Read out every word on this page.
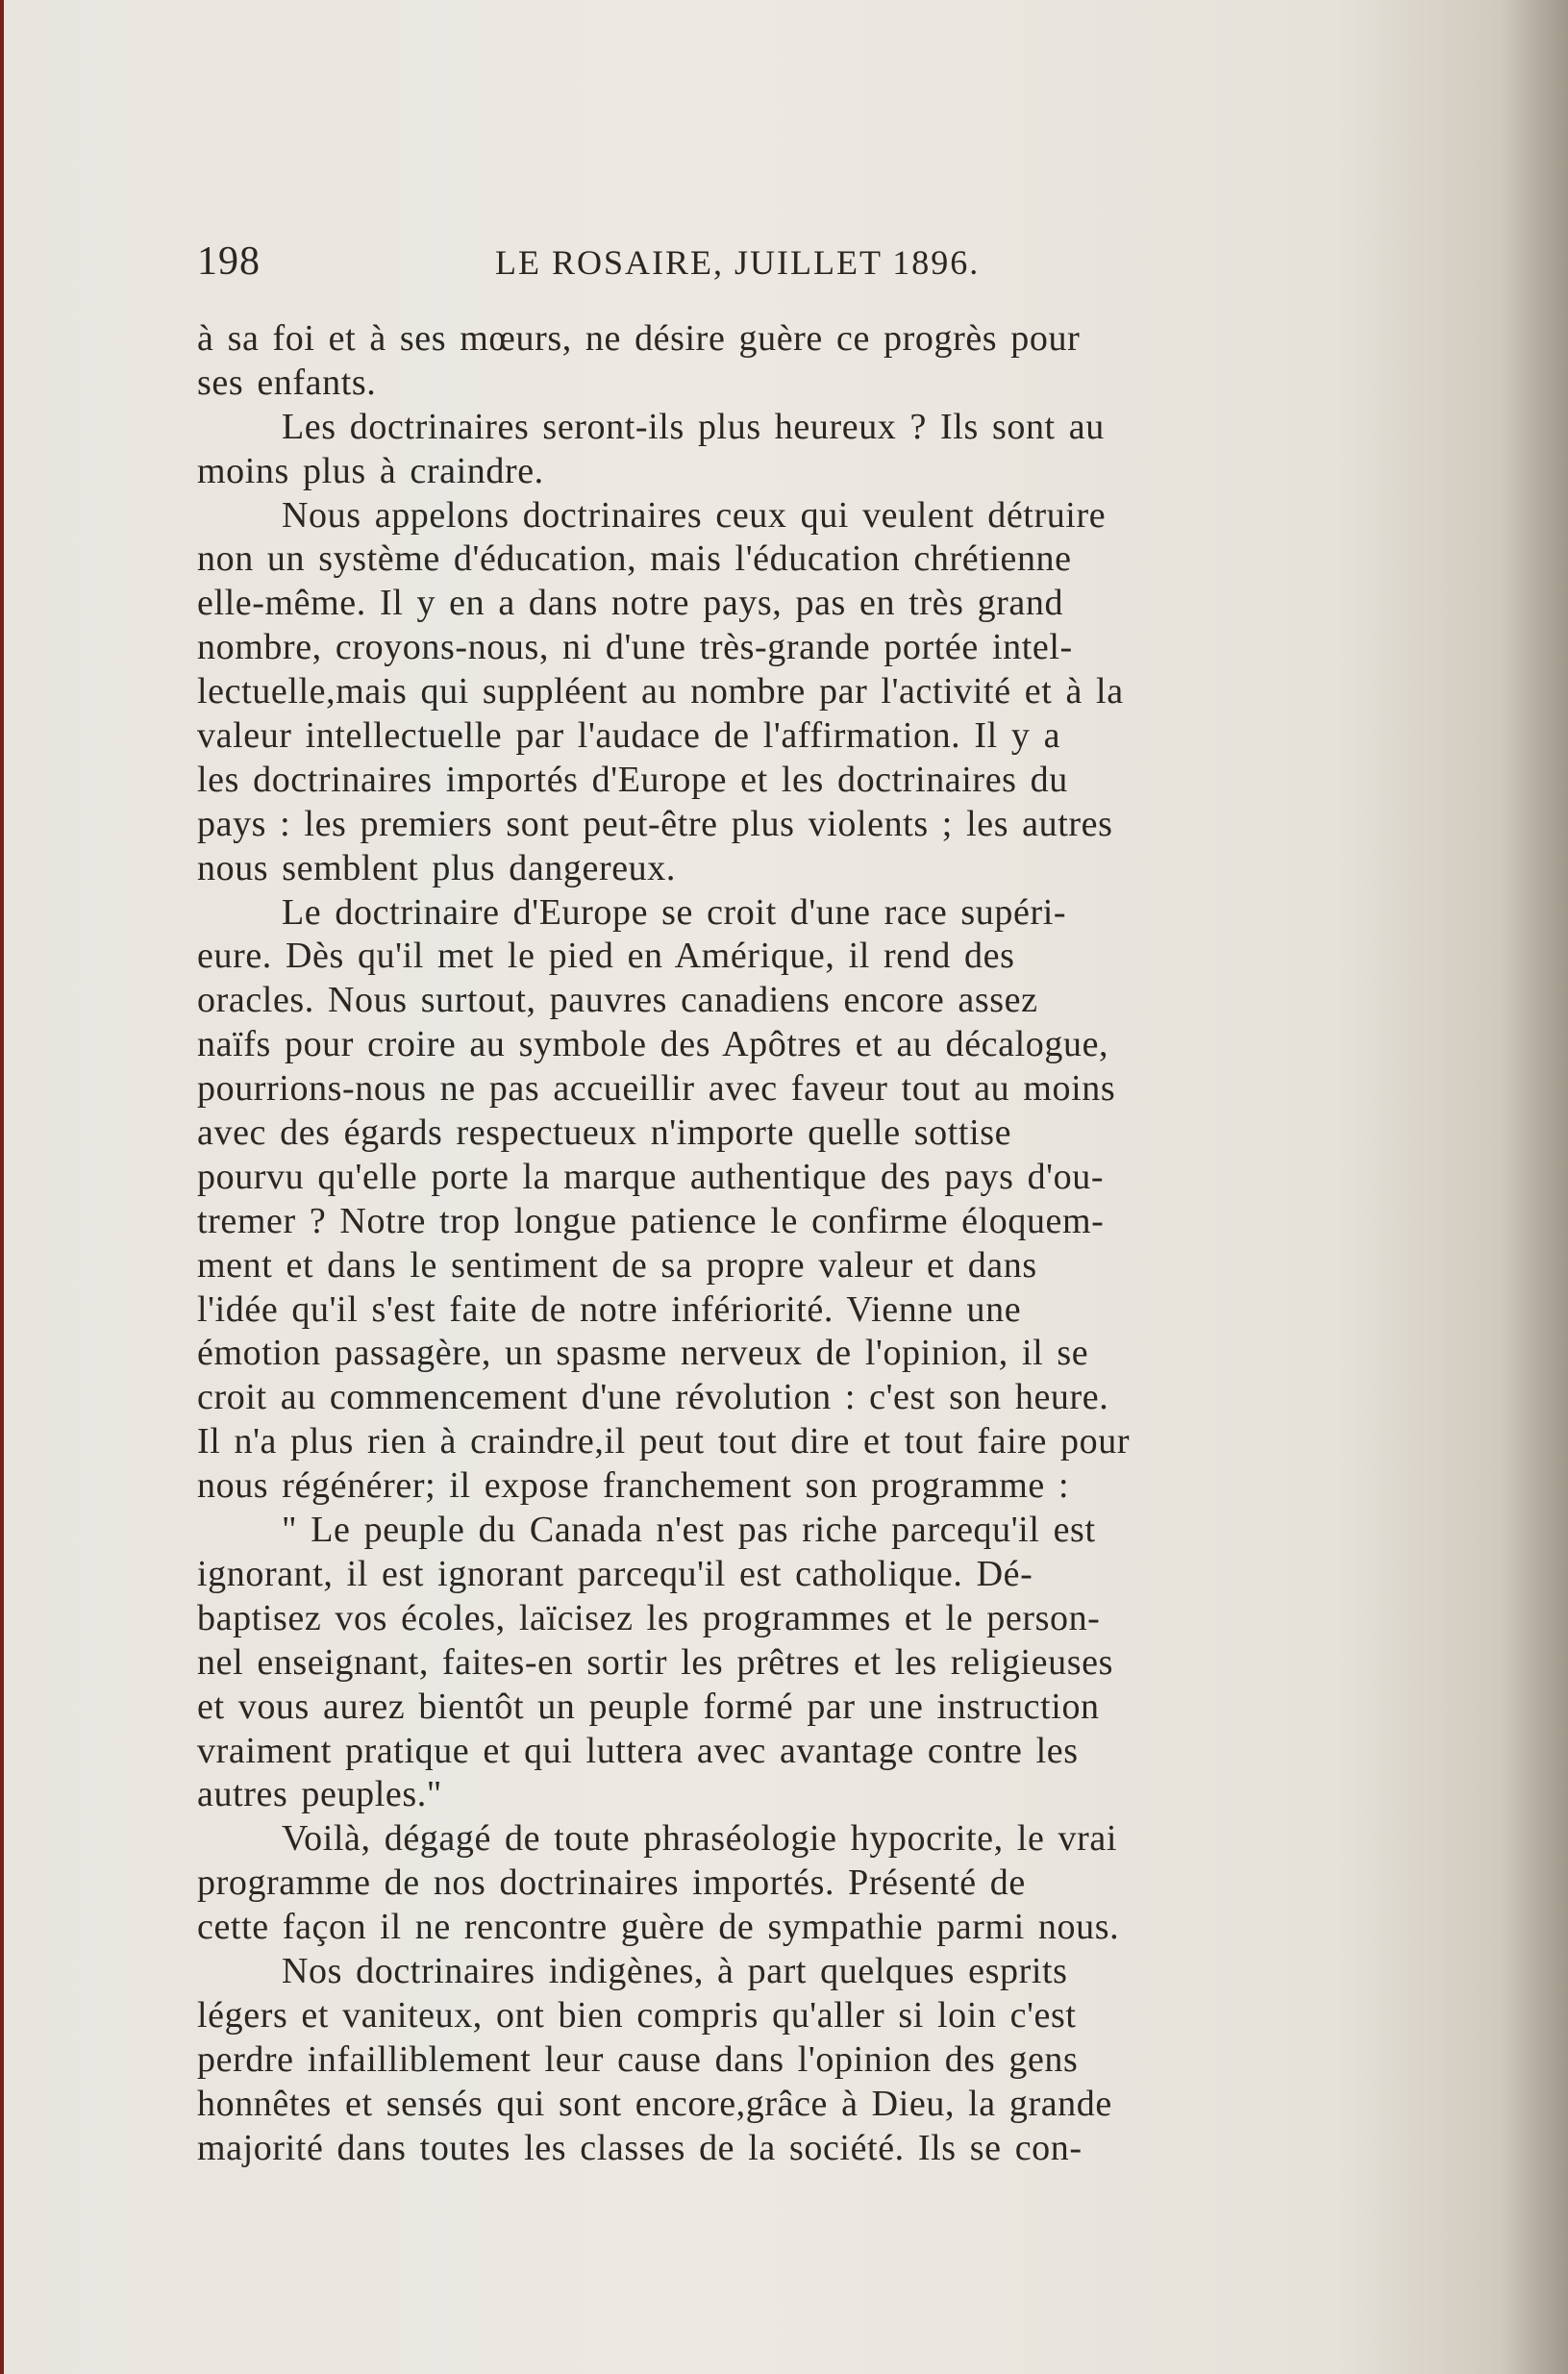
198	LE ROSAIRE, JUILLET 1896.
à sa foi et à ses mœurs, ne désire guère ce progrès pour
ses enfants.
Les doctrinaires seront-ils plus heureux ? Ils sont au
moins plus à craindre.
Nous appelons doctrinaires ceux qui veulent détruire
non un système d'éducation, mais l'éducation chrétienne
elle-même. Il y en a dans notre pays, pas en très grand
nombre, croyons-nous, ni d'une très-grande portée intel-
lectuelle,mais qui suppléent au nombre par l'activité et à la
valeur intellectuelle par l'audace de l'affirmation. Il y a
les doctrinaires importés d'Europe et les doctrinaires du
pays : les premiers sont peut-être plus violents ; les autres
nous semblent plus dangereux.
Le doctrinaire d'Europe se croit d'une race supéri-
eure. Dès qu'il met le pied en Amérique, il rend des
oracles. Nous surtout, pauvres canadiens encore assez
naïfs pour croire au symbole des Apôtres et au décalogue,
pourrions-nous ne pas accueillir avec faveur tout au moins
avec des égards respectueux n'importe quelle sottise
pourvu qu'elle porte la marque authentique des pays d'ou-
tremer ? Notre trop longue patience le confirme éloquem-
ment et dans le sentiment de sa propre valeur et dans
l'idée qu'il s'est faite de notre infériorité. Vienne une
émotion passagère, un spasme nerveux de l'opinion, il se
croit au commencement d'une révolution : c'est son heure.
Il n'a plus rien à craindre,il peut tout dire et tout faire pour
nous régénérer; il expose franchement son programme :
" Le peuple du Canada n'est pas riche parcequ'il est
ignorant, il est ignorant parcequ'il est catholique. Dé-
baptisez vos écoles, laïcisez les programmes et le person-
nel enseignant, faites-en sortir les prêtres et les religieuses
et vous aurez bientôt un peuple formé par une instruction
vraiment pratique et qui luttera avec avantage contre les
autres peuples."
Voilà, dégagé de toute phraséologie hypocrite, le vrai
programme de nos doctrinaires importés. Présenté de
cette façon il ne rencontre guère de sympathie parmi nous.
Nos doctrinaires indigènes, à part quelques esprits
légers et vaniteux, ont bien compris qu'aller si loin c'est
perdre infailliblement leur cause dans l'opinion des gens
honnêtes et sensés qui sont encore,grâce à Dieu, la grande
majorité dans toutes les classes de la société. Ils se con-
